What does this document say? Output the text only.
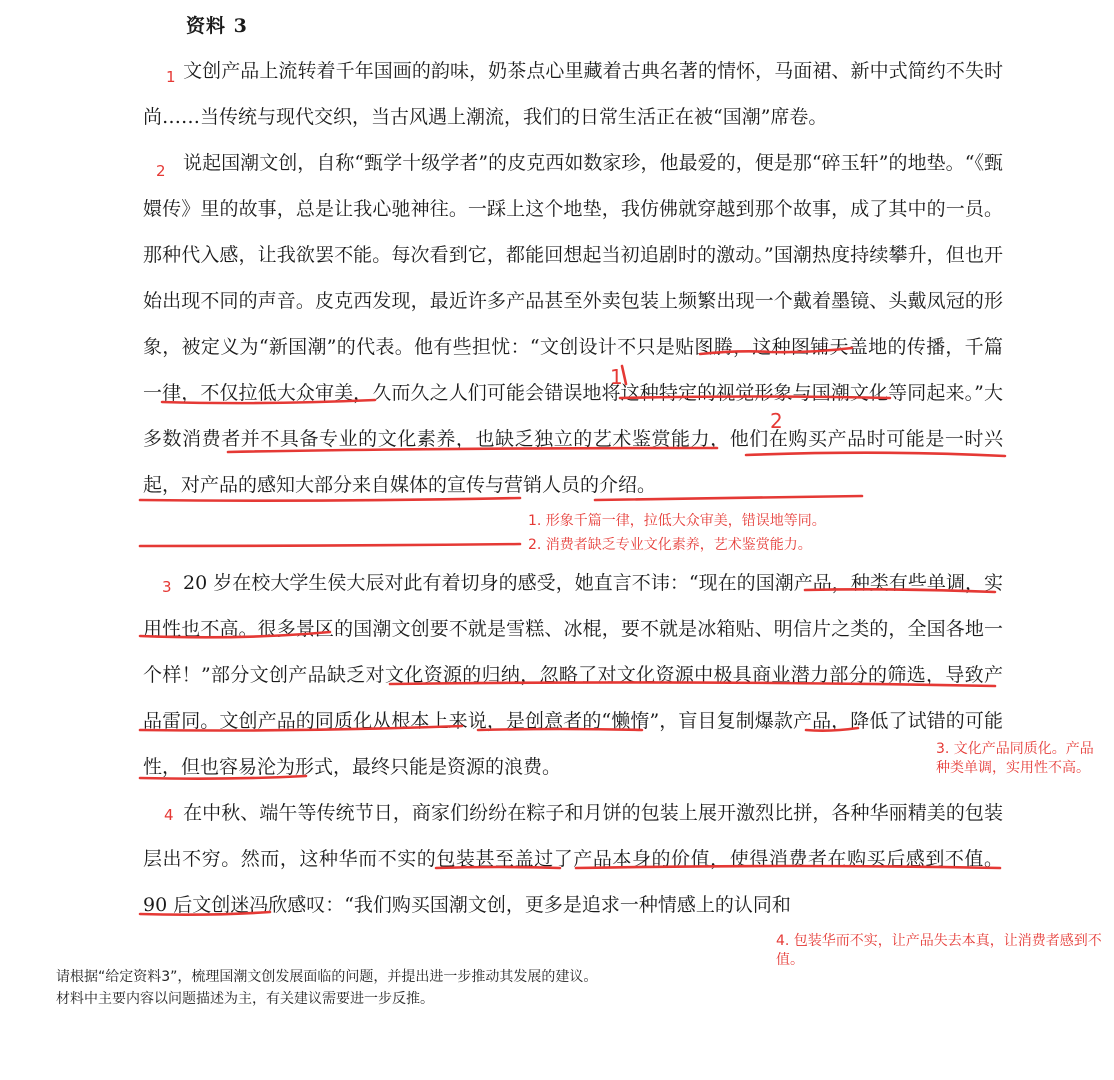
资料 3
1
2
3
4
文创产品上流转着千年国画的韵味，奶茶点心里藏着古典名著的情怀，马面裙、新中式简约不失时尚……当传统与现代交织，当古风遇上潮流，我们的日常生活正在被“国潮”席卷。
说起国潮文创，自称“甄学十级学者”的皮克西如数家珍，他最爱的，便是那“碎玉轩”的地垫。“《甄嬛传》里的故事，总是让我心驰神往。一踩上这个地垫，我仿佛就穿越到那个故事，成了其中的一员。那种代入感，让我欲罢不能。每次看到它，都能回想起当初追剧时的激动。”国潮热度持续攀升，但也开始出现不同的声音。皮克西发现，最近许多产品甚至外卖包装上频繁出现一个戴着墨镜、头戴凤冠的形象，被定义为“新国潮”的代表。他有些担忧：“文创设计不只是贴图腾，这种图铺天盖地的传播，千篇一律，不仅拉低大众审美，久而久之人们可能会错误地将这种特定的视觉形象与国潮文化等同起来。”大多数消费者并不具备专业的文化素养，也缺乏独立的艺术鉴赏能力，他们在购买产品时可能是一时兴起，对产品的感知大部分来自媒体的宣传与营销人员的介绍。
20 岁在校大学生侯大辰对此有着切身的感受，她直言不讳：“现在的国潮产品，种类有些单调，实用性也不高。很多景区的国潮文创要不就是雪糕、冰棍，要不就是冰箱贴、明信片之类的，全国各地一个样！”部分文创产品缺乏对文化资源的归纳，忽略了对文化资源中极具商业潜力部分的筛选，导致产品雷同。文创产品的同质化从根本上来说，是创意者的“懒惰”，盲目复制爆款产品，降低了试错的可能性，但也容易沦为形式，最终只能是资源的浪费。
在中秋、端午等传统节日，商家们纷纷在粽子和月饼的包装上展开激烈比拼，各种华丽精美的包装层出不穷。然而，这种华而不实的包装甚至盖过了产品本身的价值，使得消费者在购买后感到不值。90 后文创迷冯欣感叹：“我们购买国潮文创，更多是追求一种情感上的认同和
2
1
1. 形象千篇一律，拉低大众审美，错误地等同。
2. 消费者缺乏专业文化素养，艺术鉴赏能力。
3. 文化产品同质化。产品种类单调，实用性不高。
4. 包装华而不实，让产品失去本真，让消费者感到不值。
请根据“给定资料3”，梳理国潮文创发展面临的问题，并提出进一步推动其发展的建议。
材料中主要内容以问题描述为主，有关建议需要进一步反推。
